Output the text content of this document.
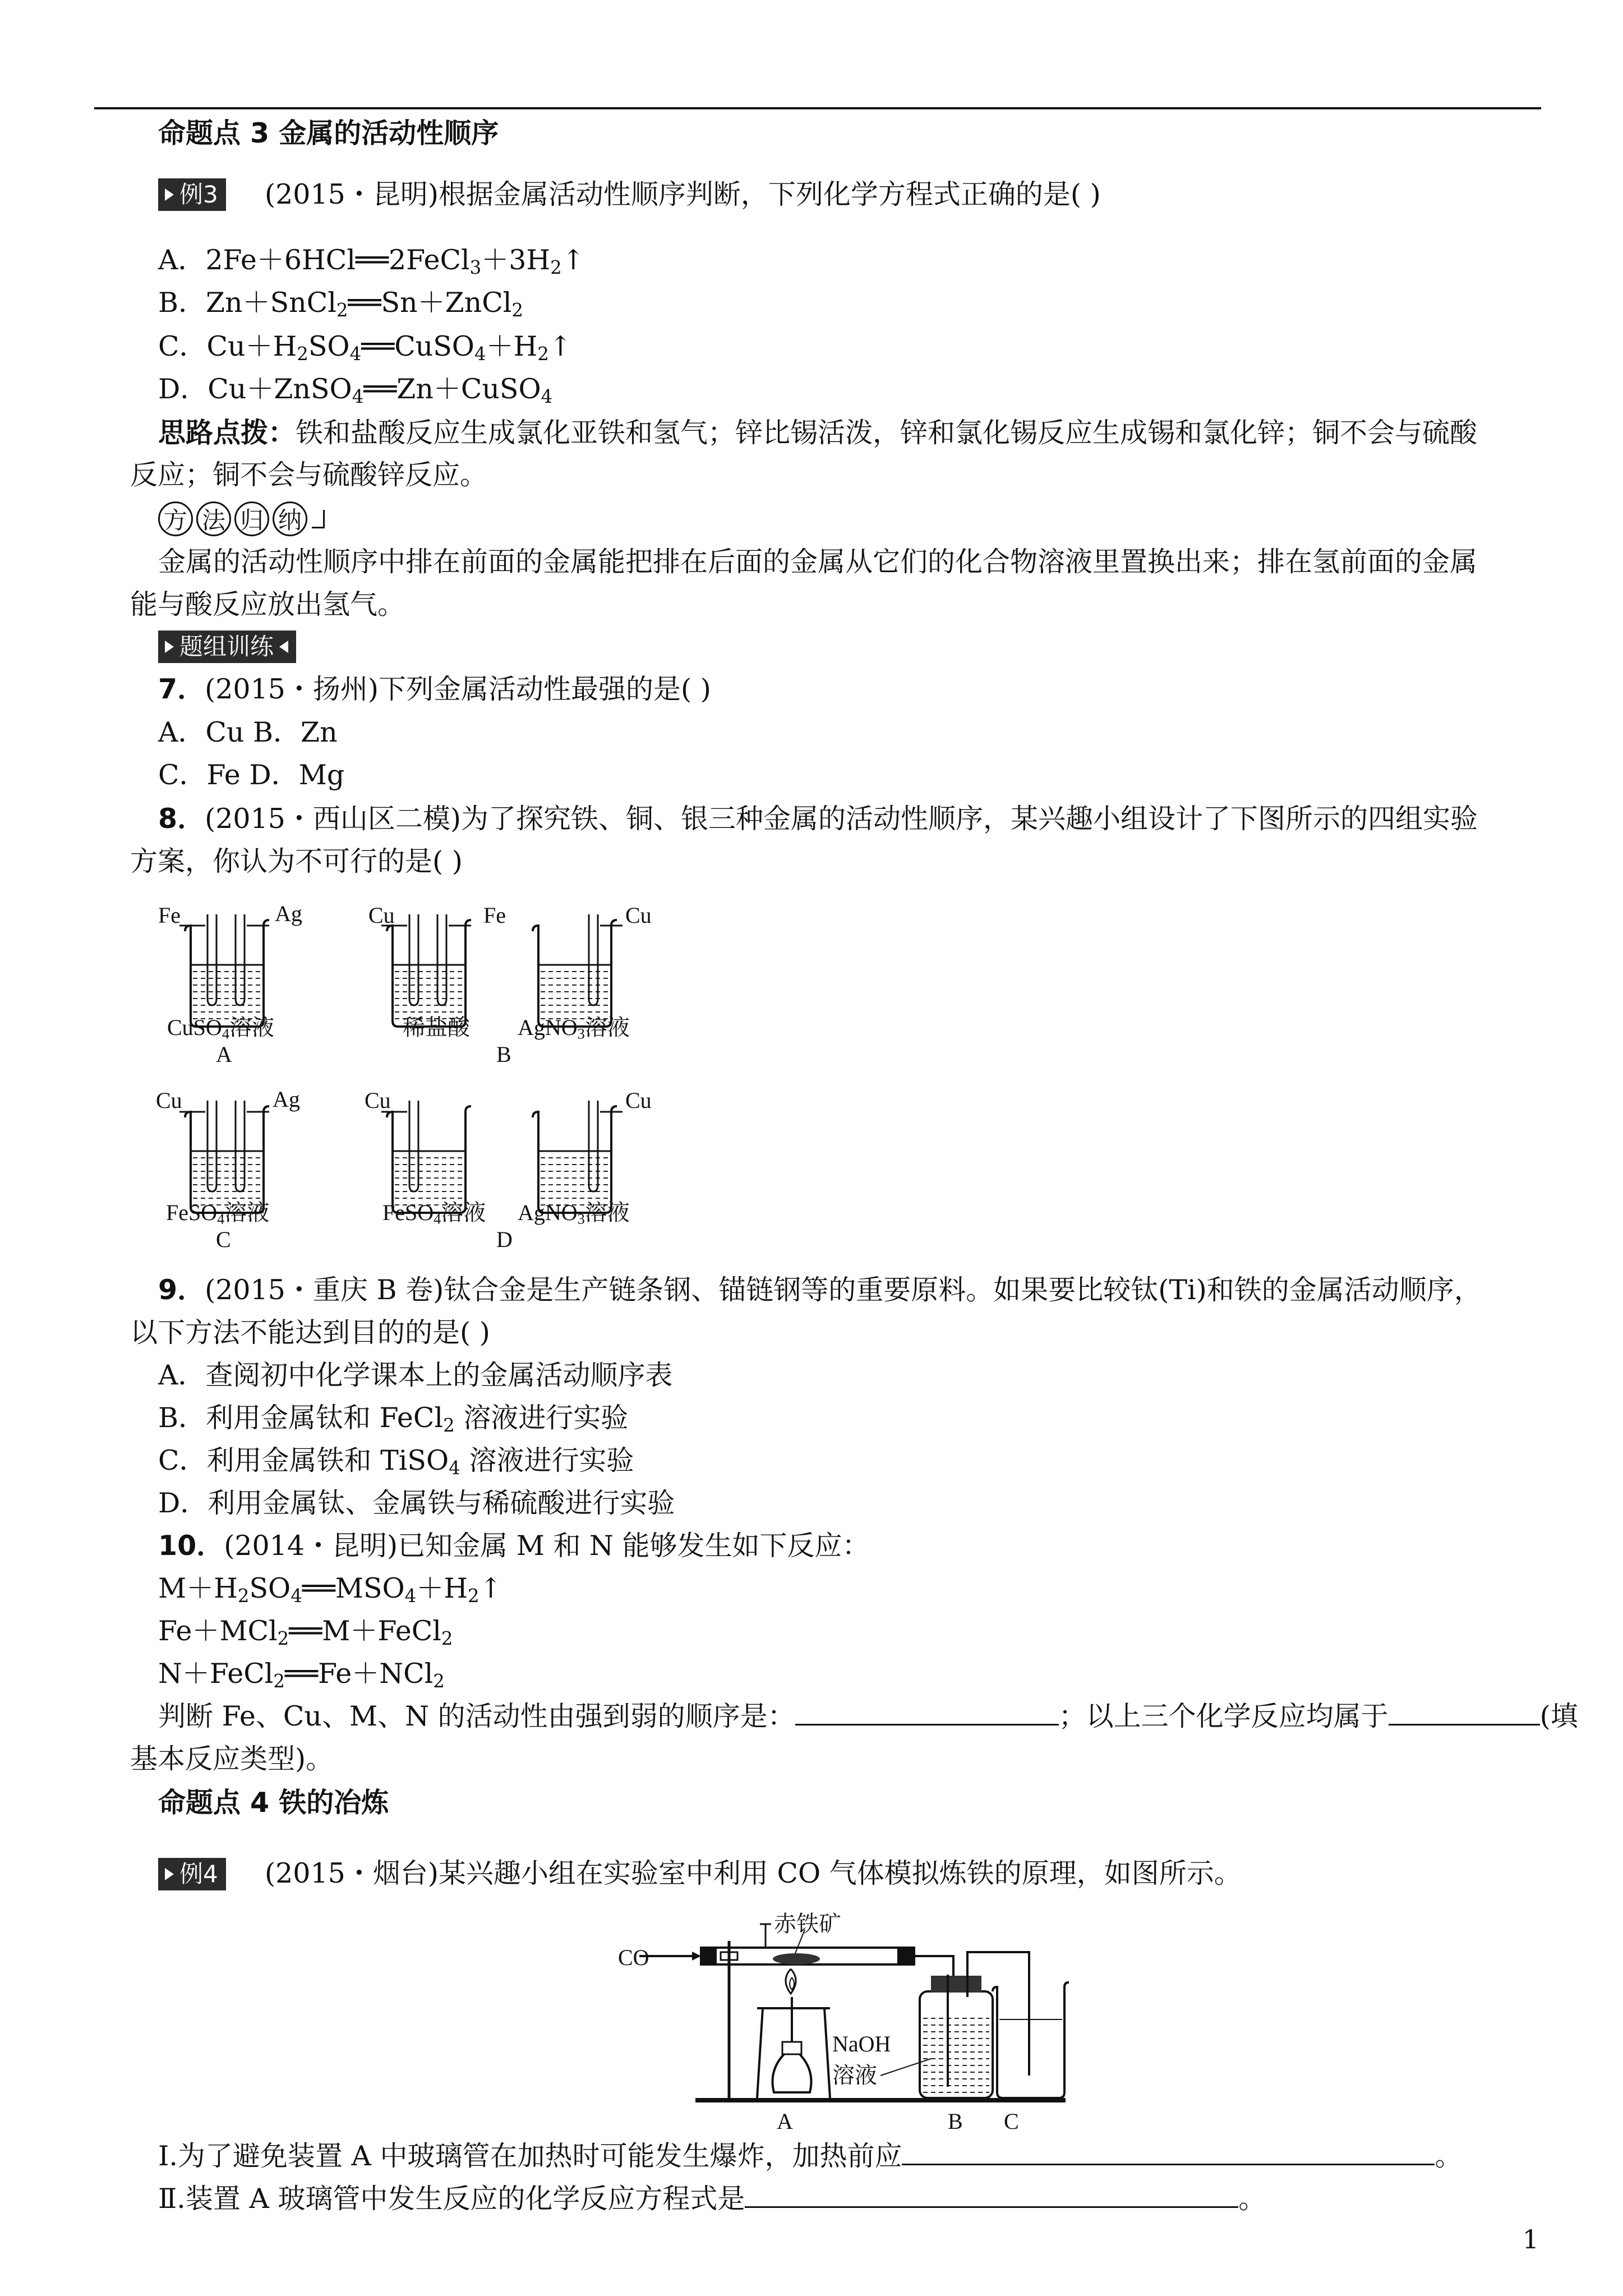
命题点 3 金属的活动性顺序
例3 (2015・昆明)根据金属活动性顺序判断，下列化学方程式正确的是( )
A．$2Fe+6HCl══2FeCl_3+3H_2↑$
B．Zn＋SnCl$_2$══Sn＋ZnCl$_2$
C．$Cu+H_2SO_4══CuSO_4+H_2↑$
D．Cu＋ZnSO$_4$══Zn＋CuSO$_4$
思路点拨：铁和盐酸反应生成氯化亚铁和氢气；锌比锡活泼，锌和氯化锡反应生成锡和氯化锌；铜不会与硫酸
反应；铜不会与硫酸锌反应。
方 法 归 纳
金属的活动性顺序中排在前面的金属能把排在后面的金属从它们的化合物溶液里置换出来；排在氢前面的金属
能与酸反应放出氢气。
题组训练
7．(2015・扬州)下列金属活动性最强的是( )
A．Cu B．Zn
C．Fe D．Mg
8．(2015・西山区二模)为了探究铁、铜、银三种金属的活动性顺序，某兴趣小组设计了下图所示的四组实验
方案，你认为不可行的是( )
Fe	Ag
CuSO$_4$溶液
A
Cu	Fe
稀盐酸
Cu
AgNO$_3$溶液
B
Cu	Ag
FeSO$_4$溶液
C
Cu
FeSO$_4$溶液
Cu
AgNO$_3$溶液
D
9．(2015・重庆 B 卷)钛合金是生产链条钢、锚链钢等的重要原料。如果要比较钛(Ti)和铁的金属活动顺序，
以下方法不能达到目的的是( )
A．查阅初中化学课本上的金属活动顺序表
B．利用金属钛和 FeCl$_2$ 溶液进行实验
C．利用金属铁和 TiSO$_4$ 溶液进行实验
D．利用金属钛、金属铁与稀硫酸进行实验
10．(2014・昆明)已知金属 M 和 N 能够发生如下反应：
$M+H_2SO_4══MSO_4+H_2↑$
Fe＋MCl$_2$══M＋FeCl$_2$
N＋FeCl$_2$══Fe＋NCl$_2$
判断 Fe、Cu、M、N 的活动性由强到弱的顺序是：	；以上三个化学反应均属于	(填
基本反应类型)。
命题点 4 铁的冶炼
例4 (2015・烟台)某兴趣小组在实验室中利用 CO 气体模拟炼铁的原理，如图所示。
赤铁矿
CO
NaOH
溶液
A	B C
Ⅰ.为了避免装置 A 中玻璃管在加热时可能发生爆炸，加热前应	。
Ⅱ.装置 A 玻璃管中发生反应的化学反应方程式是	。
1
